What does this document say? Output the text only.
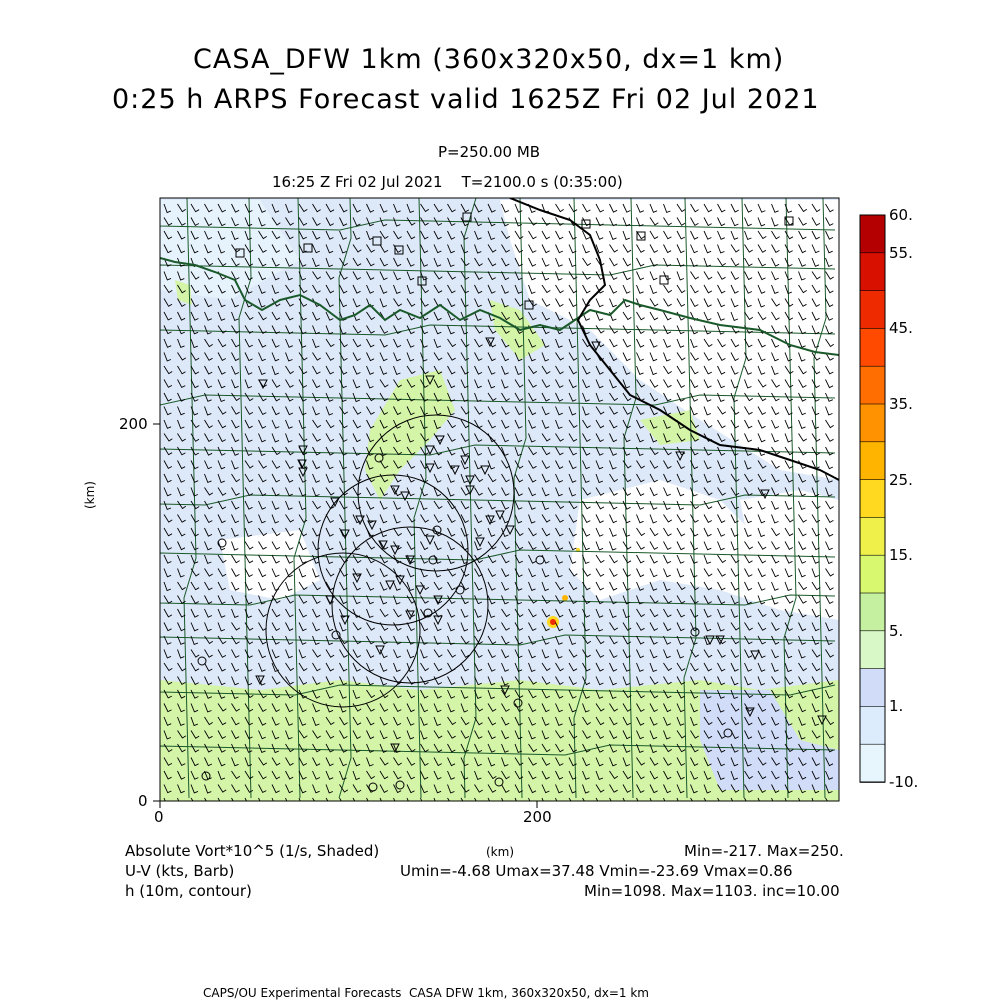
CASA_DFW 1km (360x320x50, dx=1 km)
0:25 h ARPS Forecast valid 1625Z Fri 02 Jul 2021
P=250.00 MB
16:25 Z Fri 02 Jul 2021    T=2100.0 s (0:35:00)
200
0
0	200
(km)
60.
55.
45.
35.
25.
15.
5.
1.
-10.
Absolute Vort*10^5 (1/s, Shaded)	(km)	Min=-217. Max=250.
U-V (kts, Barb)	Umin=-4.68 Umax=37.48 Vmin=-23.69 Vmax=0.86
h (10m, contour)	Min=1098. Max=1103. inc=10.00
CAPS/OU Experimental Forecasts  CASA DFW 1km, 360x320x50, dx=1 km
